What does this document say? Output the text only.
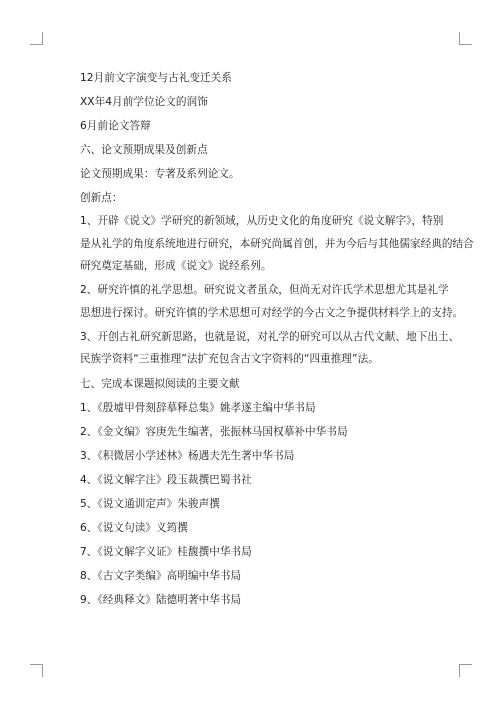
12月前文字演变与古礼变迁关系
XX年4月前学位论文的润饰
6月前论文答辩
六、论文预期成果及创新点
论文预期成果：专著及系列论文。
创新点：
1、开辟《说文》学研究的新领域，从历史文化的角度研究《说文解字》，特别
是从礼学的角度系统地进行研究，本研究尚属首创，并为今后与其他儒家经典的结合
研究奠定基础，形成《说文》说经系列。
2、研究许慎的礼学思想。研究说文者虽众，但尚无对许氏学术思想尤其是礼学
思想进行探讨。研究许慎的学术思想可对经学的今古文之争提供材料学上的支持。
3、开创古礼研究新思路，也就是说，对礼学的研究可以从古代文献、地下出土、
民族学资料“三重推理”法扩充包含古文字资料的“四重推理”法。
七、完成本课题拟阅读的主要文献
1、《殷墟甲骨刻辞摹释总集》姚孝遂主编中华书局
2、《金文编》容庚先生编著，张振林马国权摹补中华书局
3、《积微居小学述林》杨遇夫先生著中华书局
4、《说文解字注》段玉裁撰巴蜀书社
5、《说文通训定声》朱骏声撰
6、《说文句读》义筠撰
7、《说文解字义证》桂馥撰中华书局
8、《古文字类编》高明编中华书局
9、《经典释文》陆德明著中华书局
